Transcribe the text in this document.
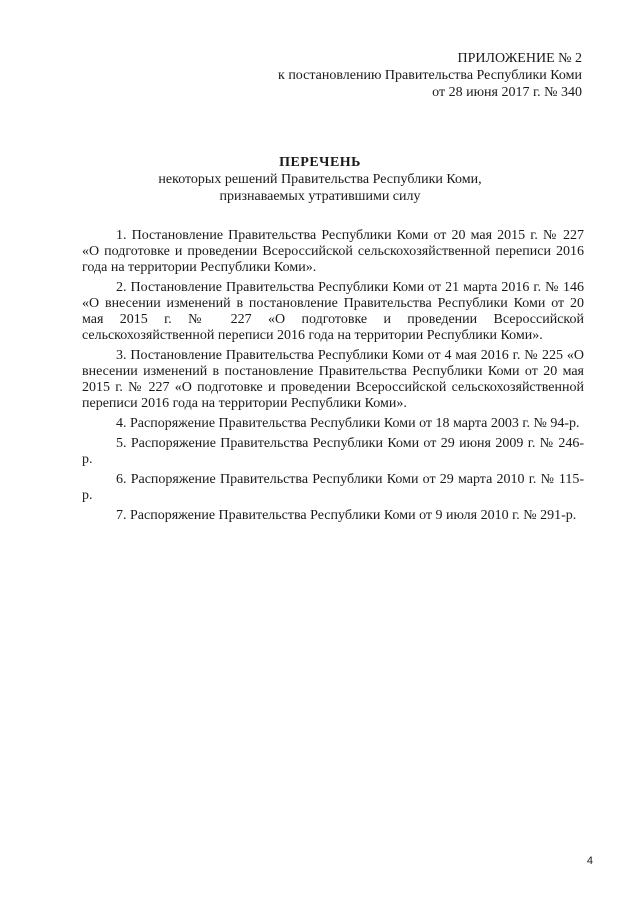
ПРИЛОЖЕНИЕ № 2
к постановлению Правительства Республики Коми
от 28 июня 2017 г. № 340
ПЕРЕЧЕНЬ
некоторых решений Правительства Республики Коми,
признаваемых утратившими силу

1. Постановление Правительства Республики Коми от 20 мая 2015 г. № 227 «О подготовке и проведении Всероссийской сельскохозяйственной переписи 2016 года на территории Республики Коми».

2. Постановление Правительства Республики Коми от 21 марта 2016 г. № 146 «О внесении изменений в постановление Правительства Республики Коми от 20 мая 2015 г. № 227 «О подготовке и проведении Всероссийской сельскохозяйственной переписи 2016 года на территории Республики Коми».

3. Постановление Правительства Республики Коми от 4 мая 2016 г. № 225 «О внесении изменений в постановление Правительства Республики Коми от 20 мая 2015 г. № 227 «О подготовке и проведении Всероссийской сельскохозяйственной переписи 2016 года на территории Республики Коми».

4. Распоряжение Правительства Республики Коми от 18 марта 2003 г. № 94-р.

5. Распоряжение Правительства Республики Коми от 29 июня 2009 г. № 246-р.

6. Распоряжение Правительства Республики Коми от 29 марта 2010 г. № 115-р.

7. Распоряжение Правительства Республики Коми от 9 июля 2010 г. № 291-р.

4
